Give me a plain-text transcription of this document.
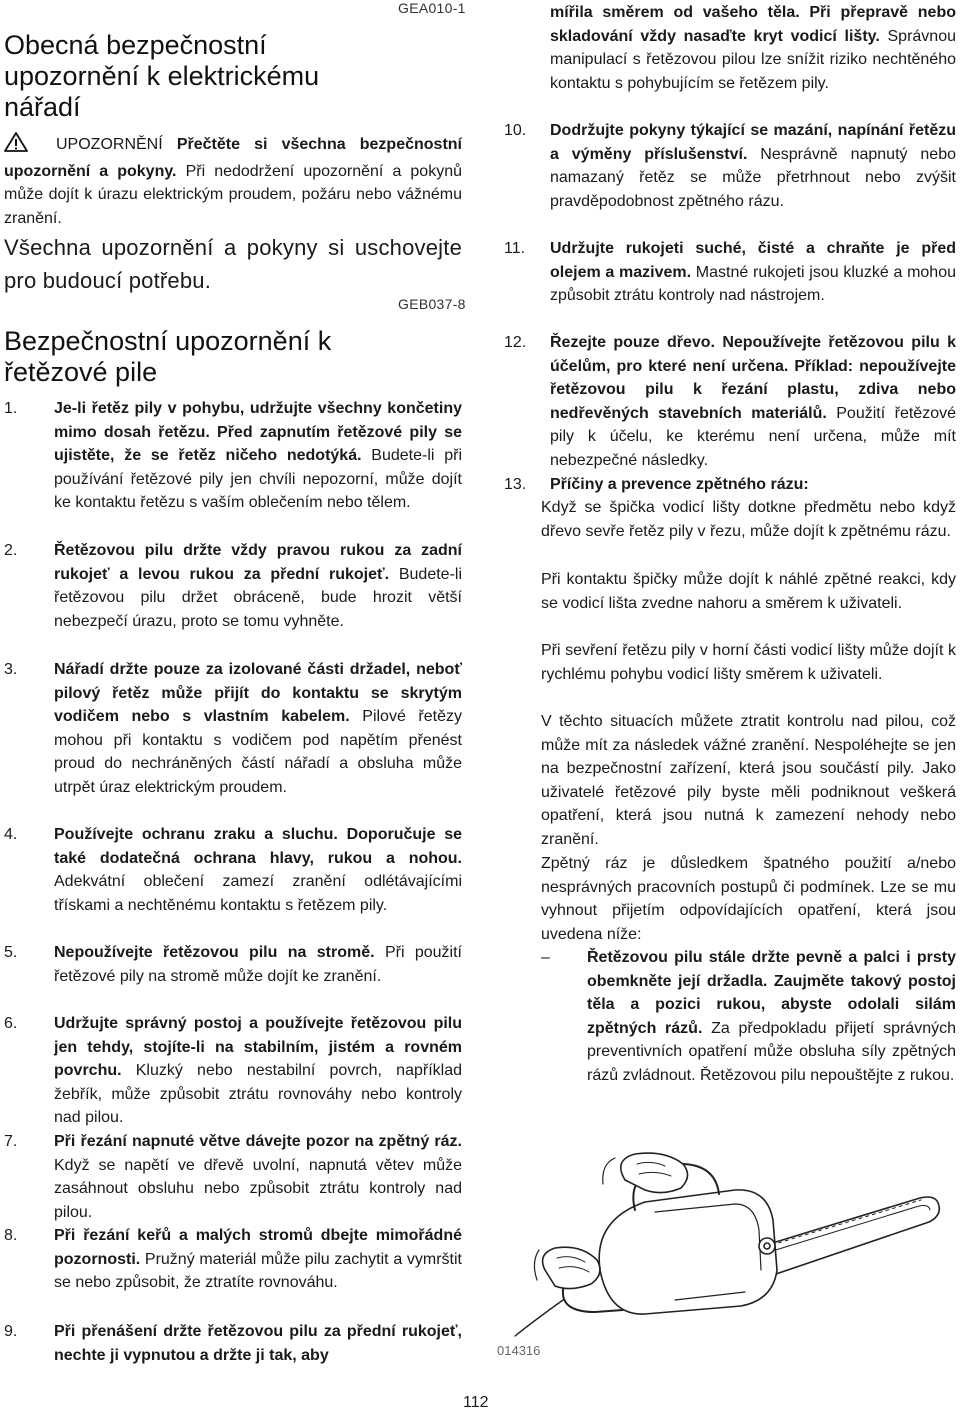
GEA010-1
Obecná bezpečnostní
upozornění k elektrickému
nářadí
UPOZORNĚNÍ Přečtěte si všechna bezpečnostní upozornění a pokyny. Při nedodržení upozornění a pokynů může dojít k úrazu elektrickým proudem, požáru nebo vážnému zranění.
Všechna upozornění a pokyny si uschovejte pro budoucí potřebu.
GEB037-8
Bezpečnostní upozornění k
řetězové pile
1. Je-li řetěz pily v pohybu, udržujte všechny končetiny mimo dosah řetězu. Před zapnutím řetězové pily se ujistěte, že se řetěz ničeho nedotýká. Budete-li při používání řetězové pily jen chvíli nepozorní, může dojít ke kontaktu řetězu s vaším oblečením nebo tělem.
2. Řetězovou pilu držte vždy pravou rukou za zadní rukojeť a levou rukou za přední rukojeť. Budete-li řetězovou pilu držet obráceně, bude hrozit větší nebezpečí úrazu, proto se tomu vyhněte.
3. Nářadí držte pouze za izolované části držadel, neboť pilový řetěz může přijít do kontaktu se skrytým vodičem nebo s vlastním kabelem. Pilové řetězy mohou při kontaktu s vodičem pod napětím přenést proud do nechráněných částí nářadí a obsluha může utrpět úraz elektrickým proudem.
4. Používejte ochranu zraku a sluchu. Doporučuje se také dodatečná ochrana hlavy, rukou a nohou. Adekvátní oblečení zamezí zranění odlétávajícími třískami a nechtěnému kontaktu s řetězem pily.
5. Nepoužívejte řetězovou pilu na stromě. Při použití řetězové pily na stromě může dojít ke zranění.
6. Udržujte správný postoj a používejte řetězovou pilu jen tehdy, stojíte-li na stabilním, jistém a rovném povrchu. Kluzký nebo nestabilní povrch, například žebřík, může způsobit ztrátu rovnováhy nebo kontroly nad pilou.
7. Při řezání napnuté větve dávejte pozor na zpětný ráz. Když se napětí ve dřevě uvolní, napnutá větev může zasáhnout obsluhu nebo způsobit ztrátu kontroly nad pilou.
8. Při řezání keřů a malých stromů dbejte mimořádné pozornosti. Pružný materiál může pilu zachytit a vymrštit se nebo způsobit, že ztratíte rovnováhu.
9. Při přenášení držte řetězovou pilu za přední rukojeť, nechte ji vypnutou a držte ji tak, aby
mířila směrem od vašeho těla. Při přepravě nebo skladování vždy nasaďte kryt vodicí lišty. Správnou manipulací s řetězovou pilou lze snížit riziko nechtěného kontaktu s pohybujícím se řetězem pily.
10. Dodržujte pokyny týkající se mazání, napínání řetězu a výměny příslušenství. Nesprávně napnutý nebo namazaný řetěz se může přetrhnout nebo zvýšit pravděpodobnost zpětného rázu.
11. Udržujte rukojeti suché, čisté a chraňte je před olejem a mazivem. Mastné rukojeti jsou kluzké a mohou způsobit ztrátu kontroly nad nástrojem.
12. Řezejte pouze dřevo. Nepoužívejte řetězovou pilu k účelům, pro které není určena. Příklad: nepoužívejte řetězovou pilu k řezání plastu, zdiva nebo nedřevěných stavebních materiálů. Použití řetězové pily k účelu, ke kterému není určena, může mít nebezpečné následky.
13. Příčiny a prevence zpětného rázu:
Když se špička vodicí lišty dotkne předmětu nebo když dřevo sevře řetěz pily v řezu, může dojít k zpětnému rázu.
Při kontaktu špičky může dojít k náhlé zpětné reakci, kdy se vodicí lišta zvedne nahoru a směrem k uživateli.
Při sevření řetězu pily v horní části vodicí lišty může dojít k rychlému pohybu vodicí lišty směrem k uživateli.
V těchto situacích můžete ztratit kontrolu nad pilou, což může mít za následek vážné zranění. Nespoléhejte se jen na bezpečnostní zařízení, která jsou součástí pily. Jako uživatelé řetězové pily byste měli podniknout veškerá opatření, která jsou nutná k zamezení nehody nebo zranění.
Zpětný ráz je důsledkem špatného použití a/nebo nesprávných pracovních postupů či podmínek. Lze se mu vyhnout přijetím odpovídajících opatření, která jsou uvedena níže:
– Řetězovou pilu stále držte pevně a palci i prsty obemkněte její držadla. Zaujměte takový postoj těla a pozici rukou, abyste odolali silám zpětných rázů. Za předpokladu přijetí správných preventivních opatření může obsluha síly zpětných rázů zvládnout. Řetězovou pilu nepouštějte z rukou.
014316
112
